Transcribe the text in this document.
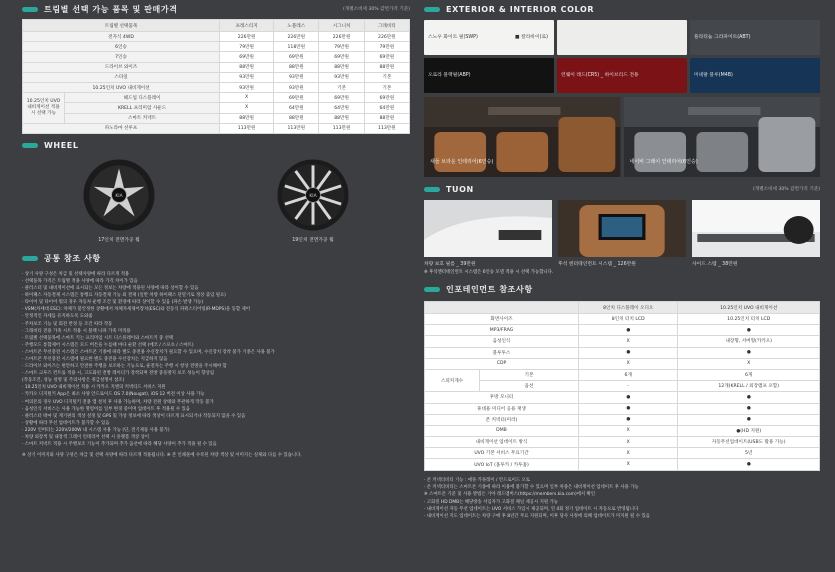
트림별 선택 가능 품목 및 판매가격	(개별소비세 30% 감면가격 기준)
트림별 선택품목		프레스티지	노블레스	시그니처	그래비티
전자식 4WD		226만원	226만원	226만원	226만원
6인승		79만원	118만원	79만원	79만원
7인승		69만원	69만원	69만원	69만원
드라이브 와이즈		88만원	88만원	88만원	88만원
스타일		93만원	93만원	93만원	기본
10.25인치 UVO 내비게이션		93만원	93만원	기본	기본
10.25인치 UVO 내비게이션 적용 시 선택 가능	헤드업 디스플레이	X	69만원	69만원	69만원
	KRELL 프리미엄 사운드	X	64만원	64만원	64만원
	스마트 커넥트	88만원	88만원	88만원	88만원
파노라마 선루프		113만원	113만원	113만원	113만원
WHEEL
KIA
17인치 전면가공 휠
KIA
19인치 전면가공 휠
공통 참조 사항
· 상기 사양 구성은 차급 및 선택사양에 따라 다르게 적용
· 선택품목 가격은 트림별 적용 사양에 따라 가격 차이가 있음
· 클러스터 및 내비게이션에 표시되는 모든 정보는 차량에 적용된 사양에 따라 상이할 수 있음
· 하이패스 자동결제 시스템은 통행료 자동결제 기능 외 결제 (일반 차량 하이패스 단말기로 정상 출입 필요)
· 타이어 및 타이어 휠의 경우 자동차 운행 조건 및 환경에 따라 상이할 수 있음 (파손 발생 가능)
· VSM(차세대 ESC): 차체가 불안정한 상황에서 차체자세제어장치(ESC)와 전동식 파워스티어링(R-MDPS)을 동합 제어
· 안정적인 자세를 유지하도록 도와줌
· 주차보조 기능 및 회전 반경 등 조건 따라 작동
· 그래비티 전용 가죽 시트 적용 시 블랙 나파 가죽 미적용
· 트림별 선택품목에 스마트 키는 프리미엄 시트 디스플레이와 스마트키 중 선택
· 주행모드 통합제어 시스템은 모드 버튼을 누를때 마다 순환 선택 (에코 / 스포츠 / 스마트)
· 스마트폰 무선충전 시스템은 스마트폰 기종에 따라 별도 충전용 수신장치가 필요할 수 있으며, 수신장치 장착 불가 기종은 사용 불가
· 스마트폰 무선충전 시스템에 필요한 별도 충전용 수신장치는 지급하지 않음
· 드라이브 와이즈는 편안하고 안전한 주행을 보조하는 기능으로, 운전자는 주행 시 항상 전방을 주시해야 함
· 스마트 크루즈 컨트롤 적용 시, 고도화된 전방 레이더가 장착되며 전방 충돌방지 보조 성능이 향상됨
(작동조건, 성능 설명 및 주의사항은 취급설명서 참조)
· 10.25인치 UVO 내비게이션 적용 시 카카오 지엔의 커넥티드 서비스 지원
· 카카오 디지털키 App은 최소 사양 안드로이드 OS 7.0(Nougat), iOS 12 버전 이상 사용 가능
· 여의폰의 경우 UVO 디지털키 전용 앱 설치 후 사용 가능하며, 차량 전원 상태와 무관하게 작동 불가
· 음성인식 서비스는 사용 가능한 명령어를 일부 변경 중이며 업데이트 후 적용될 수 있음
· 클러스터 테마 및 계기판의 색상 설정 및 GPS 및 가상 정보에 따라 색상이 다르게 표시되거나 작동되지 않을 수 있음
· 상황에 따라 무선 업데이트가 불가할 수 있음
· 220V 인버터는 220V/200W 내 시스템 사용 가능 (단, 전기제품 사용 불가)
· 차량 외장색 및 내장색 그레이 인테리어 선택 시 플랫폼 색상 상이
· 스마트 커넥트 적용 시 주행보조 기능이 추가되며 추가 옵션에 따라 해당 사양이 추가 적용 될 수 있음
※ 상기 이미지와 사양 구성은 차급 및 선택 사양에 따라 다르게 적용됩니다. ※ 본 인쇄물에 수록된 차량 색상 및 이미지는 실제와 다를 수 있습니다.
EXTERIOR & INTERIOR COLOR
스노우 화이트 펄(SWP)	■ 칼라바이(로)	플라티늄 그라파이트(ABT)
오로라 블랙펄(ABP)	런웨이 레드(CR5) _ 하이브리드 전용	미네랄 블루(M4B)
새들 브라운 인테리어(6인승)	네이비 그레이 인테리어(6인승)
TUON	(개별소비세 30% 감면가격 기준)
차량 보호 필름 _ 39만원	후석 엔터테인먼트 시스템 _ 126만원	사이드 스텝 _ 38만원
※ 후석엔터테인먼트 시스템은 6인승 모델 적용 시 선택 가능합니다.
인포테인먼트 참조사항
		8인치 디스플레이 오디오	10.25인치 UVO 내비게이션
화면사이즈		8인치 터치 LCD	10.25인치 터치 LCD
MP3/FRAG		●	●
음성인식		X	내장형, 서버형(카카오)
블루투스		●	●
CDP		X	X
스피커개수	기본	6개	6개
	옵션	-	12개(KRELL / 외장앰프 포함)
후방 모니터		●	●
휴대용 미디어 응용 재생		●	●
폰 커넥터(미러)		●	●
DMB		X	●(HD 지원)
내비게이션 업데이트 방식		X	자동무선업데이트(USB도 활용 가능)
UVO 기본 서비스 무료기간		X	5년
UVO IoT (홈투카 / 카투홈)		X	●
· 폰 커넥티비티 기능 : 애플 카플레이 / 안드로이드 오토
· 폰 커넥티비티는 스마트폰 기종에 따라 이용에 불가할 수 있으며 일부 차종은 내비게이션 업데이트 후 사용 가능
※ 스마트폰 기준 및 사용 방법은 기아 레드멤버스(https://members.kia.com)에서 확인
· 고화질 HD DMB는 해당방송 서입자가 고화질 채널 제공시 지원 가능
· 내비게이션 자동 무선 업데이트는 UVO 서비스 가입시 제공되며, 연 4회 정기 업데이트 시 자동으로 반영됩니다
· 내비게이션 지도 업데이트는 차량 구매 후 8년간 무료 지원되며, 이후 당사 사정에 의해 업데이트가 미지원 될 수 있음
